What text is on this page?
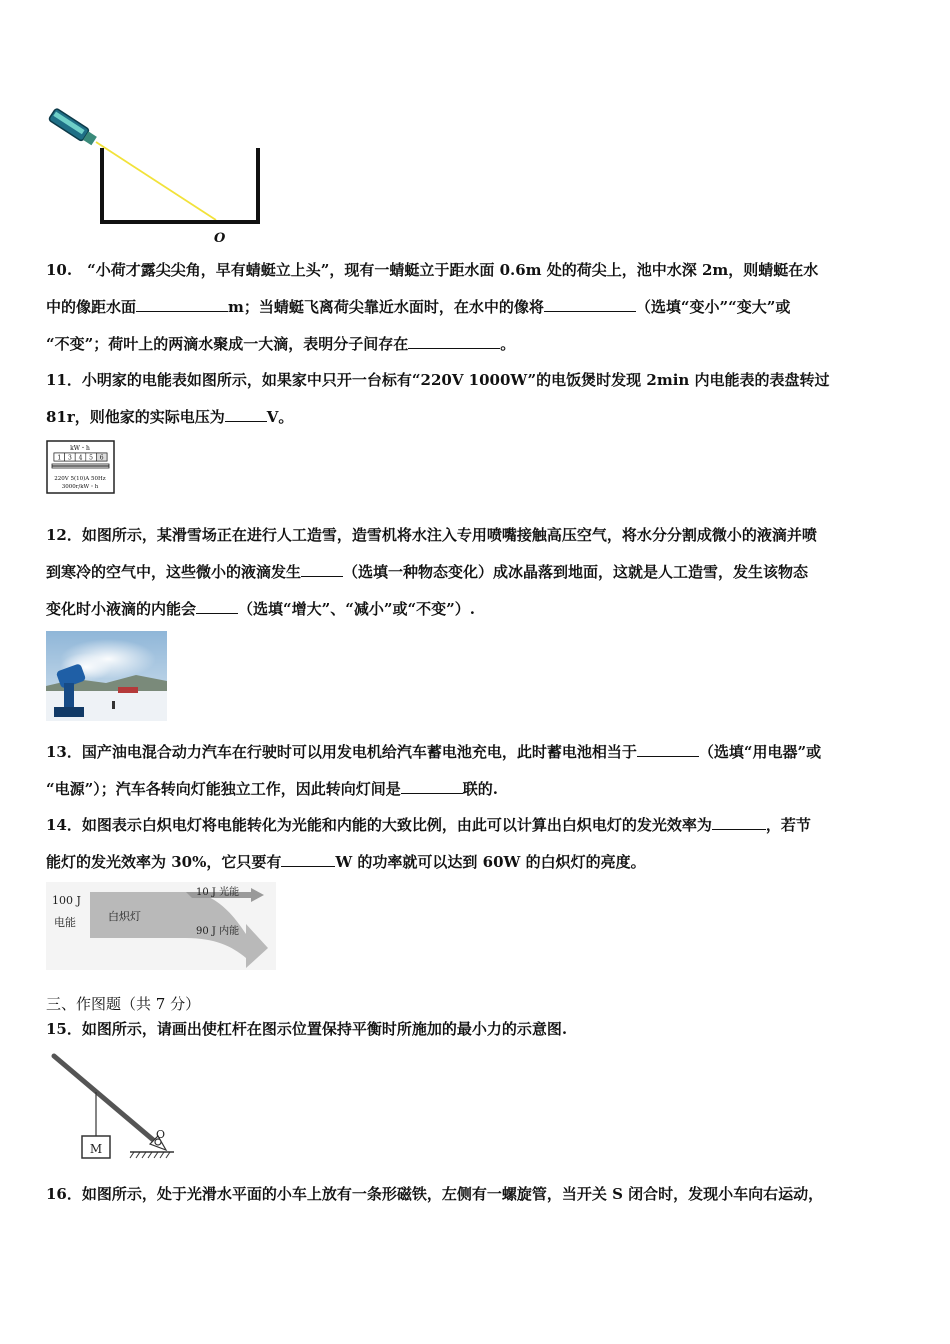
O
10.　“小荷才露尖尖角，早有蜻蜓立上头”，现有一蜻蜓立于距水面 0.6m 处的荷尖上，池中水深 2m，则蜻蜓在水
中的像距水面	m；当蜻蜓飞离荷尖靠近水面时，在水中的像将	（选填“变小”“变大”或
“不变”；荷叶上的两滴水聚成一大滴，表明分子间存在	。
11．小明家的电能表如图所示，如果家中只开一台标有“220V 1000W”的电饭煲时发现 2min 内电能表的表盘转过
81r，则他家的实际电压为	V。
kW・h
1 3 4 5 6
220V 5(10)A 50Hz
3000r/kW・h
12．如图所示，某滑雪场正在进行人工造雪，造雪机将水注入专用喷嘴接触高压空气，将水分分割成微小的液滴并喷
到寒冷的空气中，这些微小的液滴发生	（选填一种物态变化）成冰晶落到地面，这就是人工造雪，发生该物态
变化时小液滴的内能会	（选填“增大”、“减小”或“不变”）.
13．国产油电混合动力汽车在行驶时可以用发电机给汽车蓄电池充电，此时蓄电池相当于	（选填“用电器”或
“电源”）；汽车各转向灯能独立工作，因此转向灯间是	联的.
14．如图表示白炽电灯将电能转化为光能和内能的大致比例，由此可以计算出白炽电灯的发光效率为	，若节
能灯的发光效率为 30%，它只要有	W 的功率就可以达到 60W 的白炽灯的亮度。
100 J
电能	白炽灯
10 J 光能
90 J 内能
三、作图题（共 7 分）
15．如图所示，请画出使杠杆在图示位置保持平衡时所施加的最小力的示意图.
M
O
16．如图所示，处于光滑水平面的小车上放有一条形磁铁，左侧有一螺旋管，当开关 S 闭合时，发现小车向右运动，
